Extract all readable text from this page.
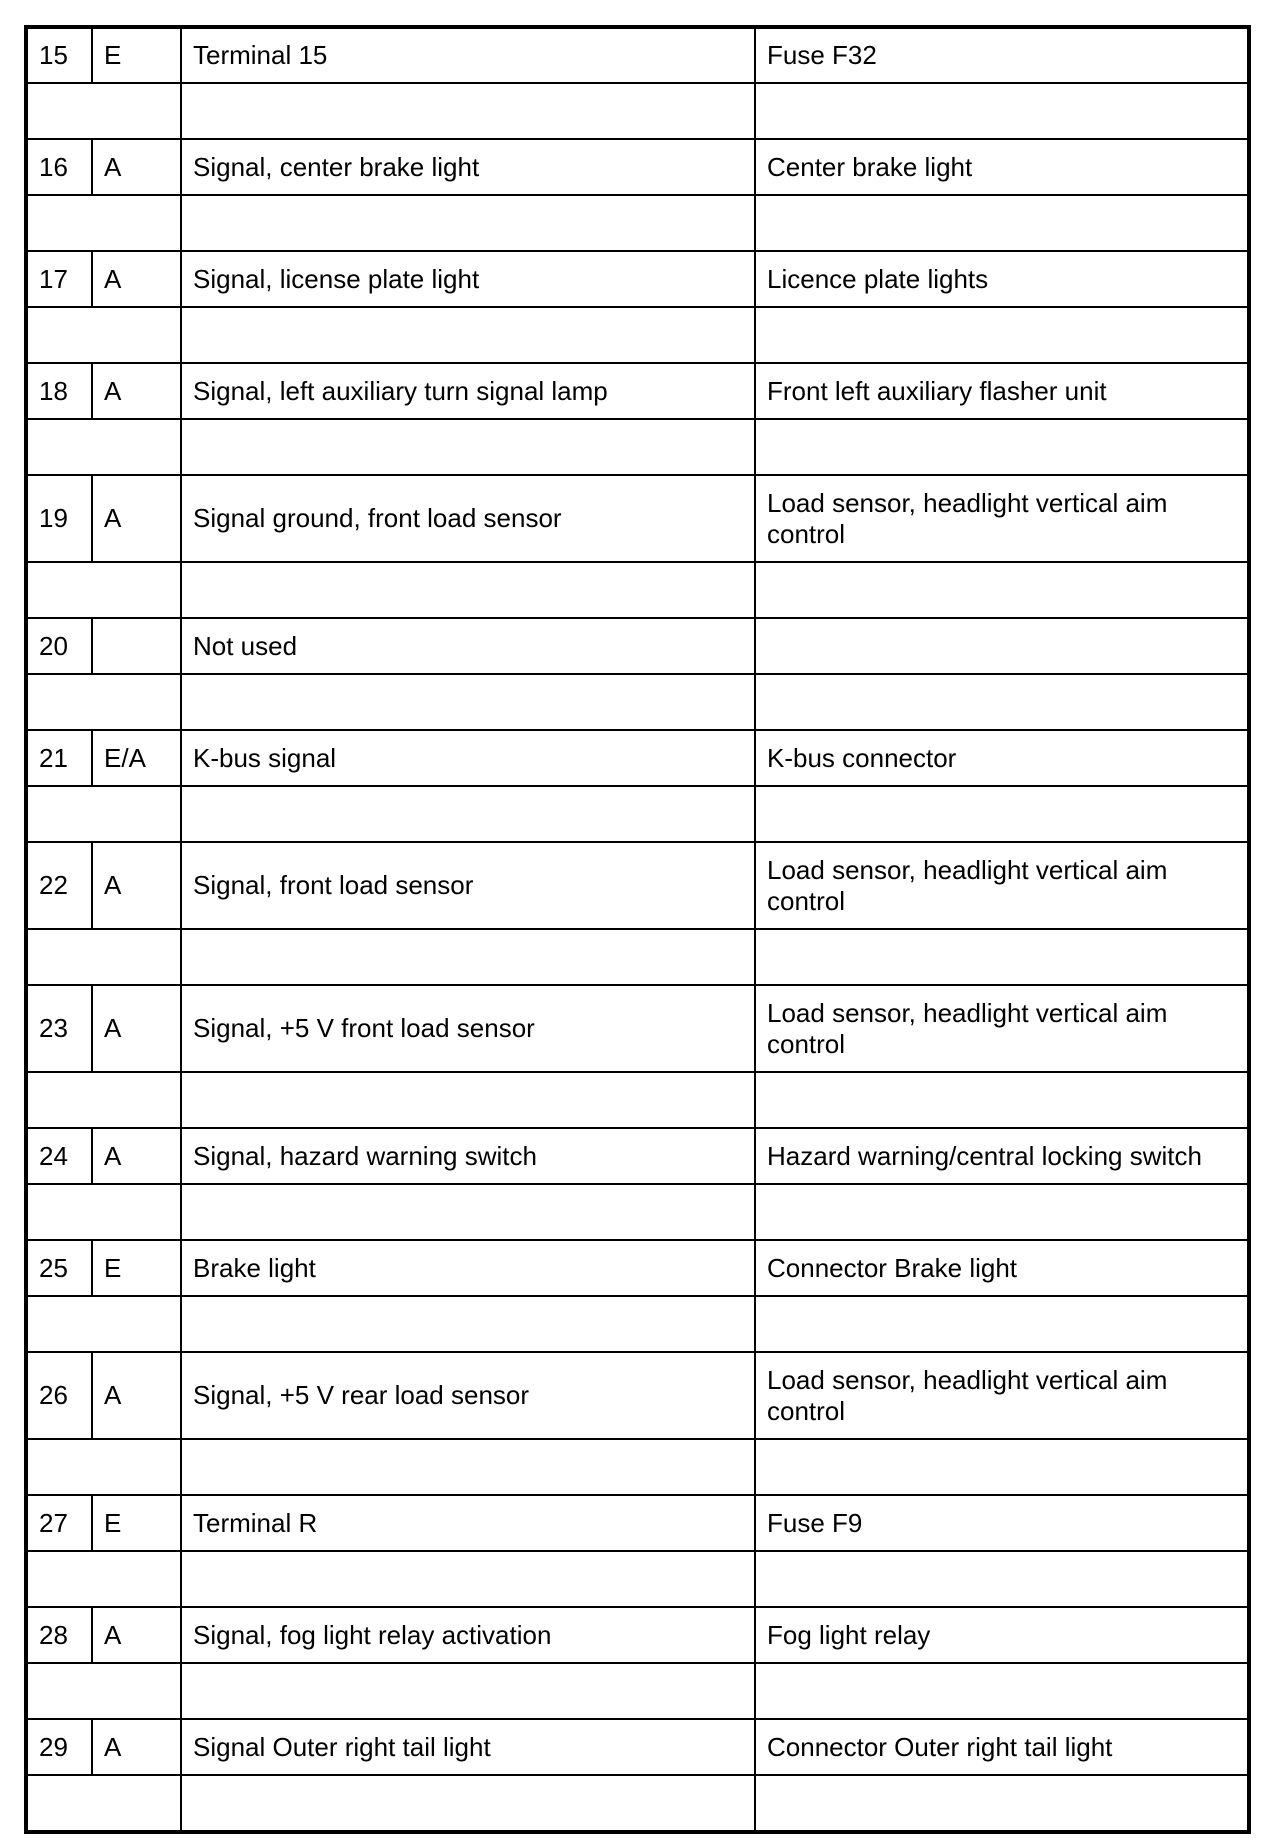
15	E	Terminal 15	Fuse F32

16	A	Signal, center brake light	Center brake light

17	A	Signal, license plate light	Licence plate lights

18	A	Signal, left auxiliary turn signal lamp	Front left auxiliary flasher unit

19	A	Signal ground, front load sensor	Load sensor, headlight vertical aim control

20		Not used	

21	E/A	K-bus signal	K-bus connector

22	A	Signal, front load sensor	Load sensor, headlight vertical aim control

23	A	Signal, +5 V front load sensor	Load sensor, headlight vertical aim control

24	A	Signal, hazard warning switch	Hazard warning/central locking switch

25	E	Brake light	Connector Brake light

26	A	Signal, +5 V rear load sensor	Load sensor, headlight vertical aim control

27	E	Terminal R	Fuse F9

28	A	Signal, fog light relay activation	Fog light relay

29	A	Signal Outer right tail light	Connector Outer right tail light
